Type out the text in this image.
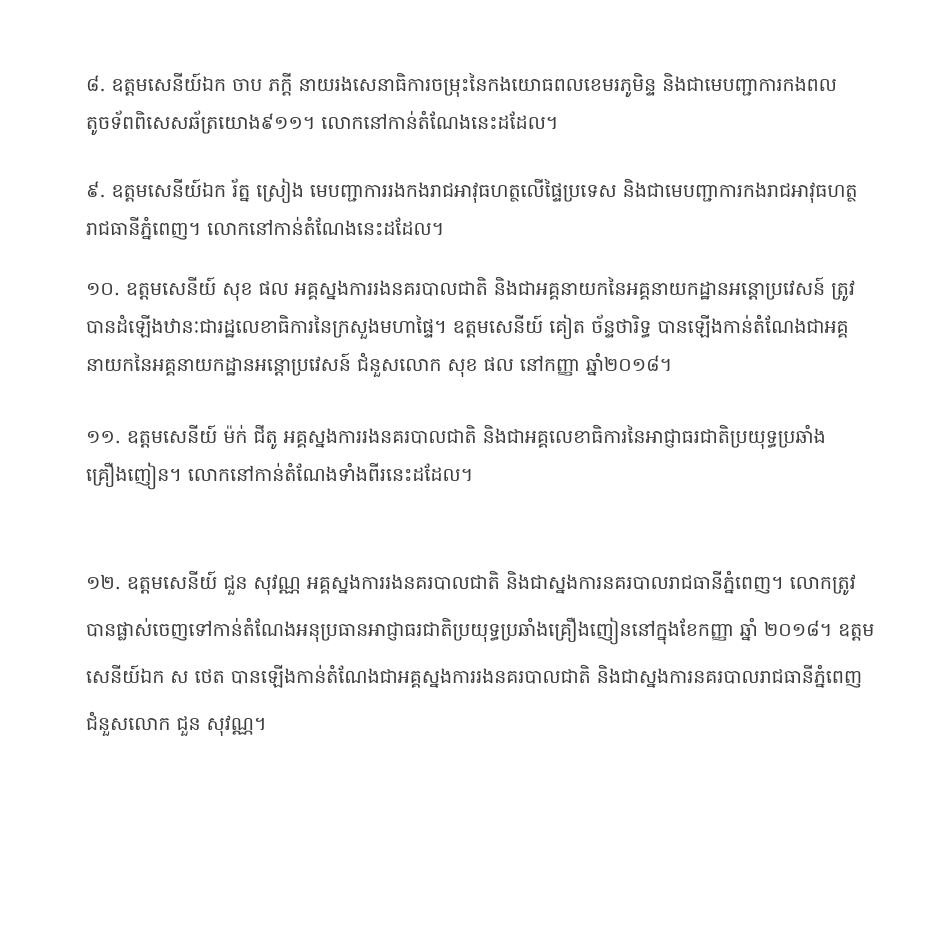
៨. ឧត្តមសេនីយ៍ឯក ចាប ភក្ដី នាយរងសេនាធិការចម្រុះនៃកងយោធពលខេមរភូមិន្ទ និងជាមេបញ្ជាការកងពលតូចទ័ពពិសេសឆ័ត្រយោង៩១១។ លោកនៅកាន់តំណែងនេះដដែល។

៩. ឧត្តមសេនីយ៍ឯក រ័ត្ន ស្រៀង មេបញ្ជាការរងកងរាជអាវុធហត្ថលើផ្ទៃប្រទេស និងជាមេបញ្ជាការកងរាជអាវុធហត្ថរាជធានីភ្នំពេញ។ លោកនៅកាន់តំណែងនេះដដែល។

១០. ឧត្តមសេនីយ៍ សុខ ផល អគ្គស្នងការរងនគរបាលជាតិ និងជាអគ្គនាយកនៃអគ្គនាយកដ្ឋានអន្តោប្រវេសន៍ ត្រូវបានដំឡើងឋានៈជារដ្ឋលេខាធិការនៃក្រសួងមហាផ្ទៃ។ ឧត្តមសេនីយ៍ គៀត ច័ន្ទថារិទ្ធ បានឡើងកាន់តំណែងជាអគ្គនាយកនៃអគ្គនាយកដ្ឋានអន្តោប្រវេសន៍ ជំនួសលោក សុខ ផល នៅកញ្ញា ឆ្នាំ២០១៨។

១១. ឧត្តមសេនីយ៍ ម៉ក់ ជីតូ អគ្គស្នងការរងនគរបាលជាតិ និងជាអគ្គលេខាធិការនៃអាជ្ញាធរជាតិប្រយុទ្ធប្រឆាំងគ្រឿងញៀន។ លោកនៅកាន់តំណែងទាំងពីរនេះដដែល។

១២. ឧត្តមសេនីយ៍ ជួន សុវណ្ណ អគ្គស្នងការរងនគរបាលជាតិ និងជាស្នងការនគរបាលរាជធានីភ្នំពេញ។ លោកត្រូវបានផ្លាស់ចេញទៅកាន់តំណែងអនុប្រធានអាជ្ញាធរជាតិប្រយុទ្ធប្រឆាំងគ្រឿងញៀននៅក្នុងខែកញ្ញា ឆ្នាំ ២០១៨។ ឧត្តមសេនីយ៍ឯក ស ថេត បានឡើងកាន់តំណែងជាអគ្គស្នងការរងនគរបាលជាតិ និងជាស្នងការនគរបាលរាជធានីភ្នំពេញ ជំនួសលោក ជួន សុវណ្ណ។
